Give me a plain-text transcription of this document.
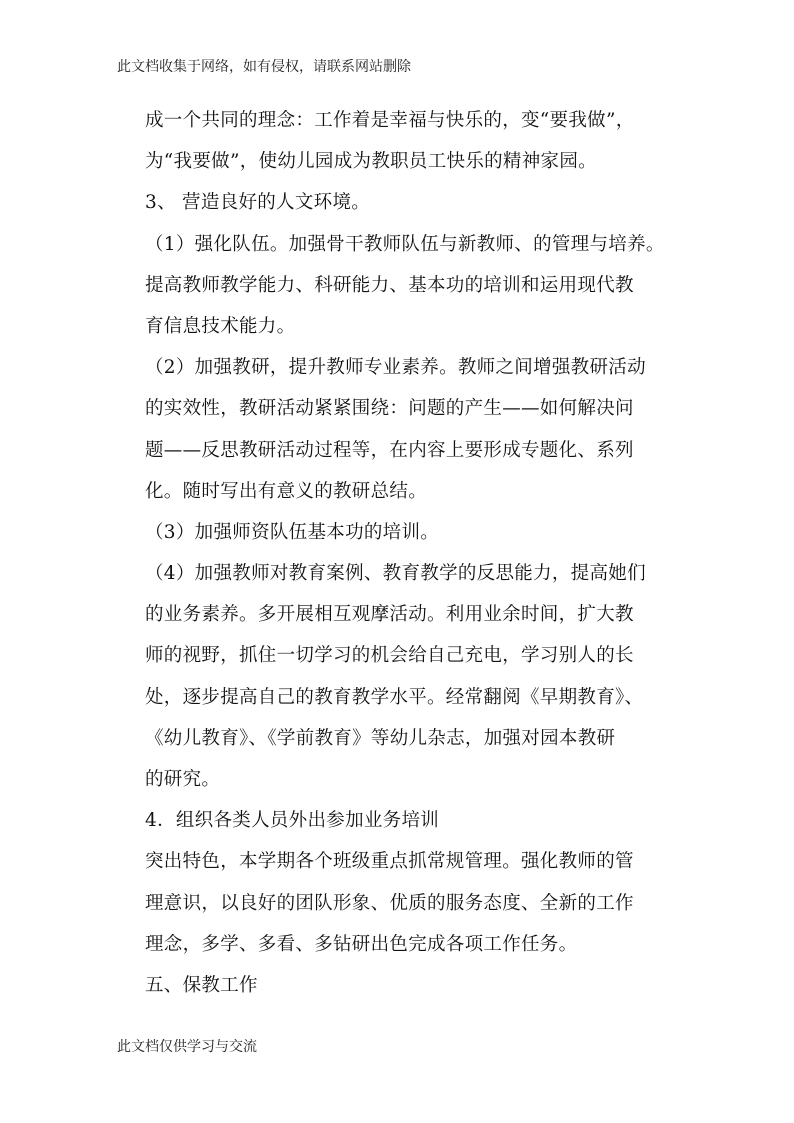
此文档收集于网络，如有侵权，请联系网站删除
成一个共同的理念：工作着是幸福与快乐的，变“要我做”，
为“我要做”，使幼儿园成为教职员工快乐的精神家园。
3、 营造良好的人文环境。
（1）强化队伍。加强骨干教师队伍与新教师、的管理与培养。
提高教师教学能力、科研能力、基本功的培训和运用现代教
育信息技术能力。
（2）加强教研，提升教师专业素养。教师之间增强教研活动
的实效性，教研活动紧紧围绕：问题的产生——如何解决问
题——反思教研活动过程等，在内容上要形成专题化、系列
化。随时写出有意义的教研总结。
（3）加强师资队伍基本功的培训。
（4）加强教师对教育案例、教育教学的反思能力，提高她们
的业务素养。多开展相互观摩活动。利用业余时间，扩大教
师的视野，抓住一切学习的机会给自己充电，学习别人的长
处，逐步提高自己的教育教学水平。经常翻阅《早期教育》、
《幼儿教育》、《学前教育》等幼儿杂志，加强对园本教研
的研究。
4．组织各类人员外出参加业务培训
突出特色，本学期各个班级重点抓常规管理。强化教师的管
理意识，以良好的团队形象、优质的服务态度、全新的工作
理念，多学、多看、多钻研出色完成各项工作任务。
五、保教工作
此文档仅供学习与交流
